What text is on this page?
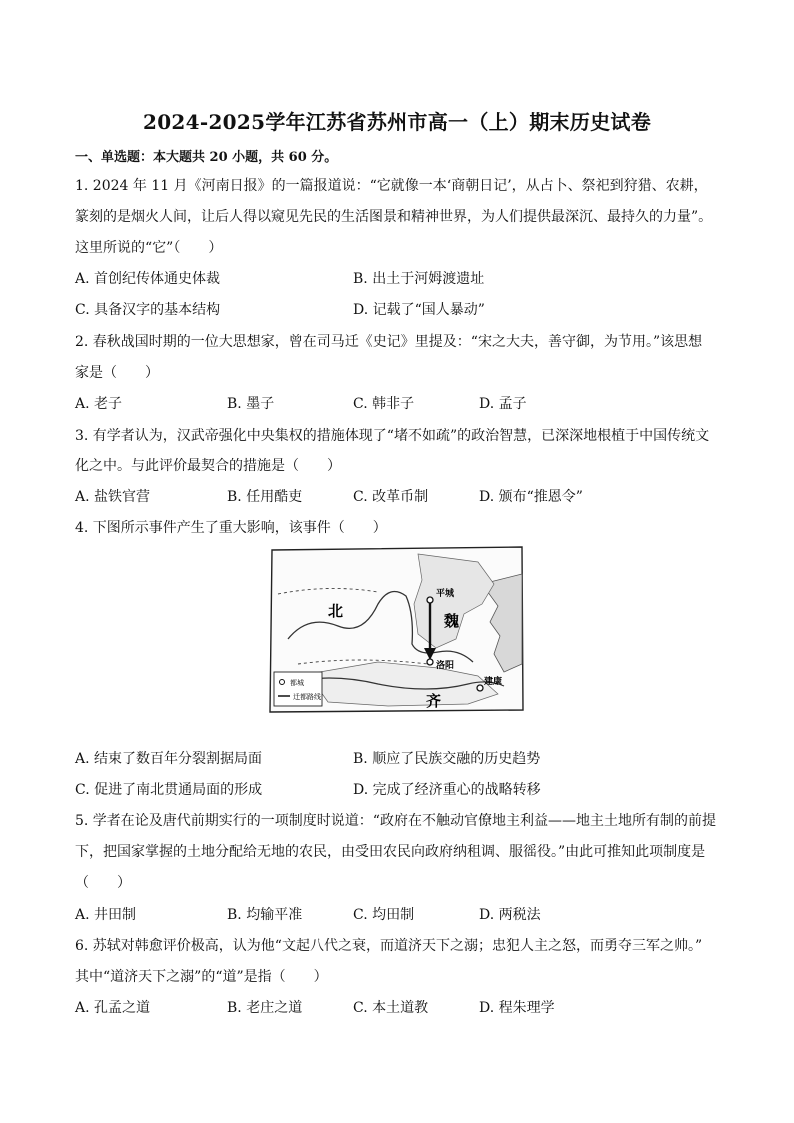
2024-2025学年江苏省苏州市高一（上）期末历史试卷
一、单选题：本大题共 20 小题，共 60 分。
1. 2024 年 11 月《河南日报》的一篇报道说：“它就像一本‘商朝日记’，从占卜、祭祀到狩猎、农耕，
篆刻的是烟火人间，让后人得以窥见先民的生活图景和精神世界，为人们提供最深沉、最持久的力量”。
这里所说的“它”（　　）
A. 首创纪传体通史体裁	B. 出土于河姆渡遗址
C. 具备汉字的基本结构	D. 记载了“国人暴动”
2. 春秋战国时期的一位大思想家，曾在司马迁《史记》里提及：“宋之大夫，善守御，为节用。”该思想
家是（　　）
A. 老子	B. 墨子	C. 韩非子	D. 孟子
3. 有学者认为，汉武帝强化中央集权的措施体现了“堵不如疏”的政治智慧，已深深地根植于中国传统文
化之中。与此评价最契合的措施是（　　）
A. 盐铁官营	B. 任用酷吏	C. 改革币制	D. 颁布“推恩令”
4. 下图所示事件产生了重大影响，该事件（　　）
北
魏
齐
平城
洛阳
建康
都城
迁都路线
A. 结束了数百年分裂割据局面	B. 顺应了民族交融的历史趋势
C. 促进了南北贯通局面的形成	D. 完成了经济重心的战略转移
5. 学者在论及唐代前期实行的一项制度时说道：“政府在不触动官僚地主利益——地主土地所有制的前提
下，把国家掌握的土地分配给无地的农民，由受田农民向政府纳租调、服徭役。”由此可推知此项制度是
（　　）
A. 井田制	B. 均输平准	C. 均田制	D. 两税法
6. 苏轼对韩愈评价极高，认为他“文起八代之衰，而道济天下之溺；忠犯人主之怒，而勇夺三军之帅。”
其中“道济天下之溺”的“道”是指（　　）
A. 孔孟之道	B. 老庄之道	C. 本土道教	D. 程朱理学
